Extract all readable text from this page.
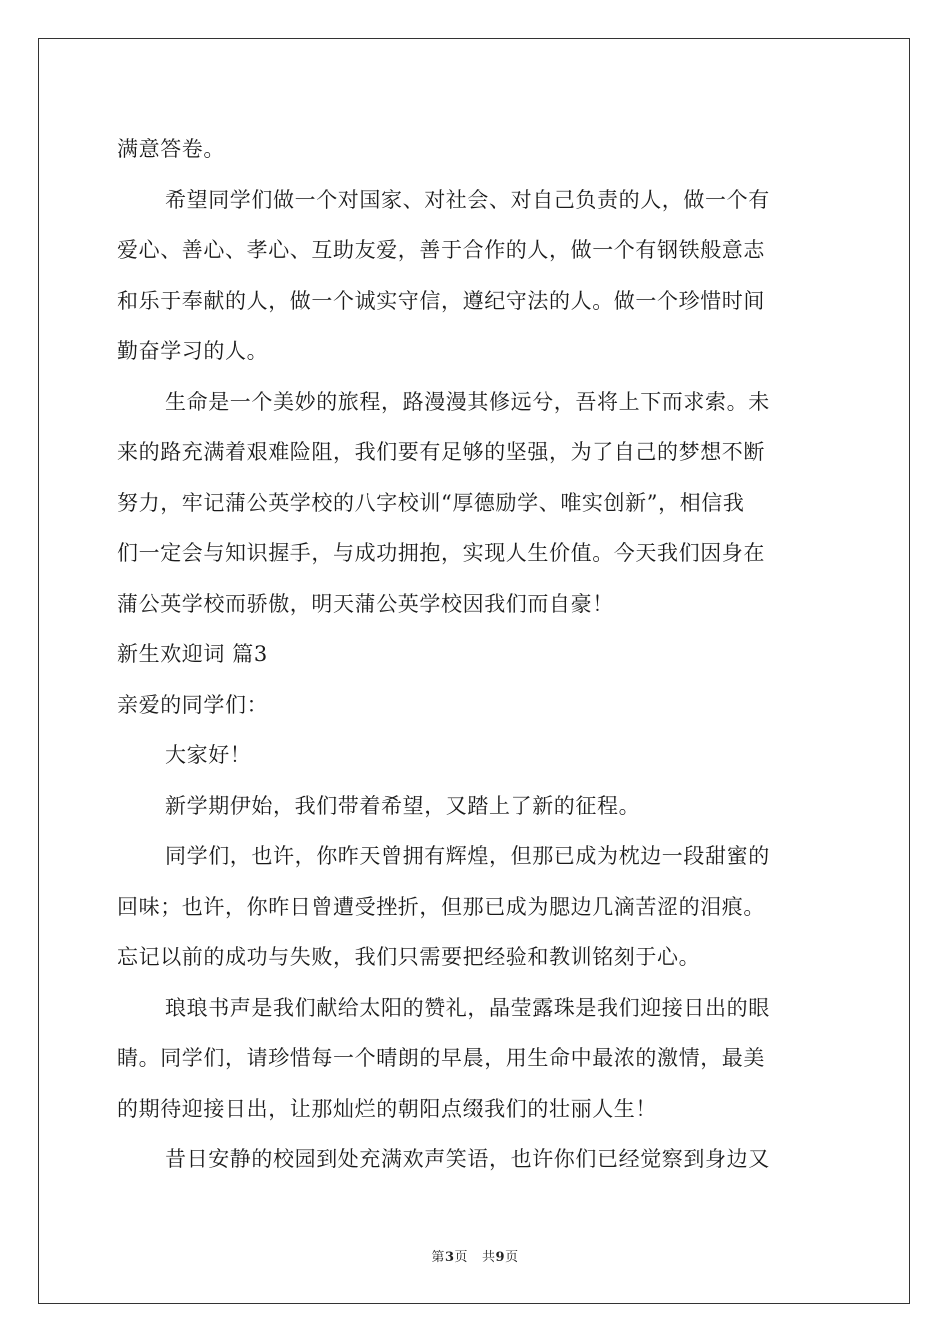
满意答卷。
希望同学们做一个对国家、对社会、对自己负责的人，做一个有
爱心、善心、孝心、互助友爱，善于合作的人，做一个有钢铁般意志
和乐于奉献的人，做一个诚实守信，遵纪守法的人。做一个珍惜时间
勤奋学习的人。
生命是一个美妙的旅程，路漫漫其修远兮，吾将上下而求索。未
来的路充满着艰难险阻，我们要有足够的坚强，为了自己的梦想不断
努力，牢记蒲公英学校的八字校训“厚德励学、唯实创新”，相信我
们一定会与知识握手，与成功拥抱，实现人生价值。今天我们因身在
蒲公英学校而骄傲，明天蒲公英学校因我们而自豪！
新生欢迎词 篇3
亲爱的同学们：
大家好！
新学期伊始，我们带着希望，又踏上了新的征程。
同学们，也许，你昨天曾拥有辉煌，但那已成为枕边一段甜蜜的
回味；也许，你昨日曾遭受挫折，但那已成为腮边几滴苦涩的泪痕。
忘记以前的成功与失败，我们只需要把经验和教训铭刻于心。
琅琅书声是我们献给太阳的赞礼，晶莹露珠是我们迎接日出的眼
睛。同学们，请珍惜每一个晴朗的早晨，用生命中最浓的激情，最美
的期待迎接日出，让那灿烂的朝阳点缀我们的壮丽人生！
昔日安静的校园到处充满欢声笑语，也许你们已经觉察到身边又
第3页 共9页
